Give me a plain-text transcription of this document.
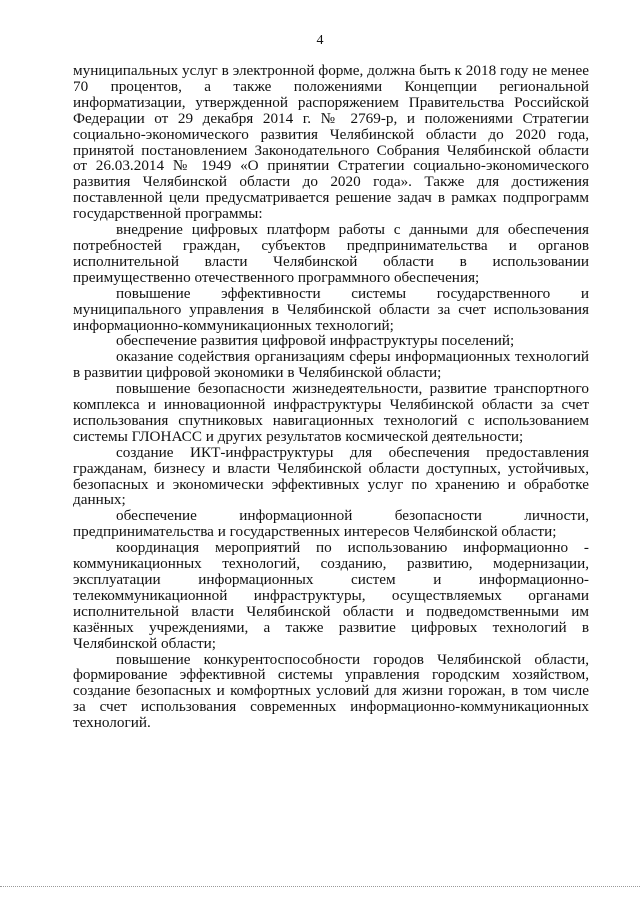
4

муниципальных услуг в электронной форме, должна быть к 2018 году не менее 70 процентов, а также положениями Концепции региональной информатизации, утвержденной распоряжением Правительства Российской Федерации от 29 декабря 2014 г. № 2769-р, и положениями Стратегии социально-экономического развития Челябинской области до 2020 года, принятой постановлением Законодательного Собрания Челябинской области от 26.03.2014 № 1949 «О принятии Стратегии социально-экономического развития Челябинской области до 2020 года». Также для достижения поставленной цели предусматривается решение задач в рамках подпрограмм государственной программы:

внедрение цифровых платформ работы с данными для обеспечения потребностей граждан, субъектов предпринимательства и органов исполнительной власти Челябинской области в использовании преимущественно отечественного программного обеспечения;

повышение эффективности системы государственного и муниципального управления в Челябинской области за счет использования информационно-коммуникационных технологий;

обеспечение развития цифровой инфраструктуры поселений;

оказание содействия организациям сферы информационных технологий в развитии цифровой экономики в Челябинской области;

повышение безопасности жизнедеятельности, развитие транспортного комплекса и инновационной инфраструктуры Челябинской области за счет использования спутниковых навигационных технологий с использованием системы ГЛОНАСС и других результатов космической деятельности;

создание ИКТ-инфраструктуры для обеспечения предоставления гражданам, бизнесу и власти Челябинской области доступных, устойчивых, безопасных и экономически эффективных услуг по хранению и обработке данных;

обеспечение информационной безопасности личности, предпринимательства и государственных интересов Челябинской области;

координация мероприятий по использованию информационно - коммуникационных технологий, созданию, развитию, модернизации, эксплуатации информационных систем и информационно-телекоммуникационной инфраструктуры, осуществляемых органами исполнительной власти Челябинской области и подведомственными им казённых учреждениями, а также развитие цифровых технологий в Челябинской области;

повышение конкурентоспособности городов Челябинской области, формирование эффективной системы управления городским хозяйством, создание безопасных и комфортных условий для жизни горожан, в том числе за счет использования современных информационно-коммуникационных технологий.
